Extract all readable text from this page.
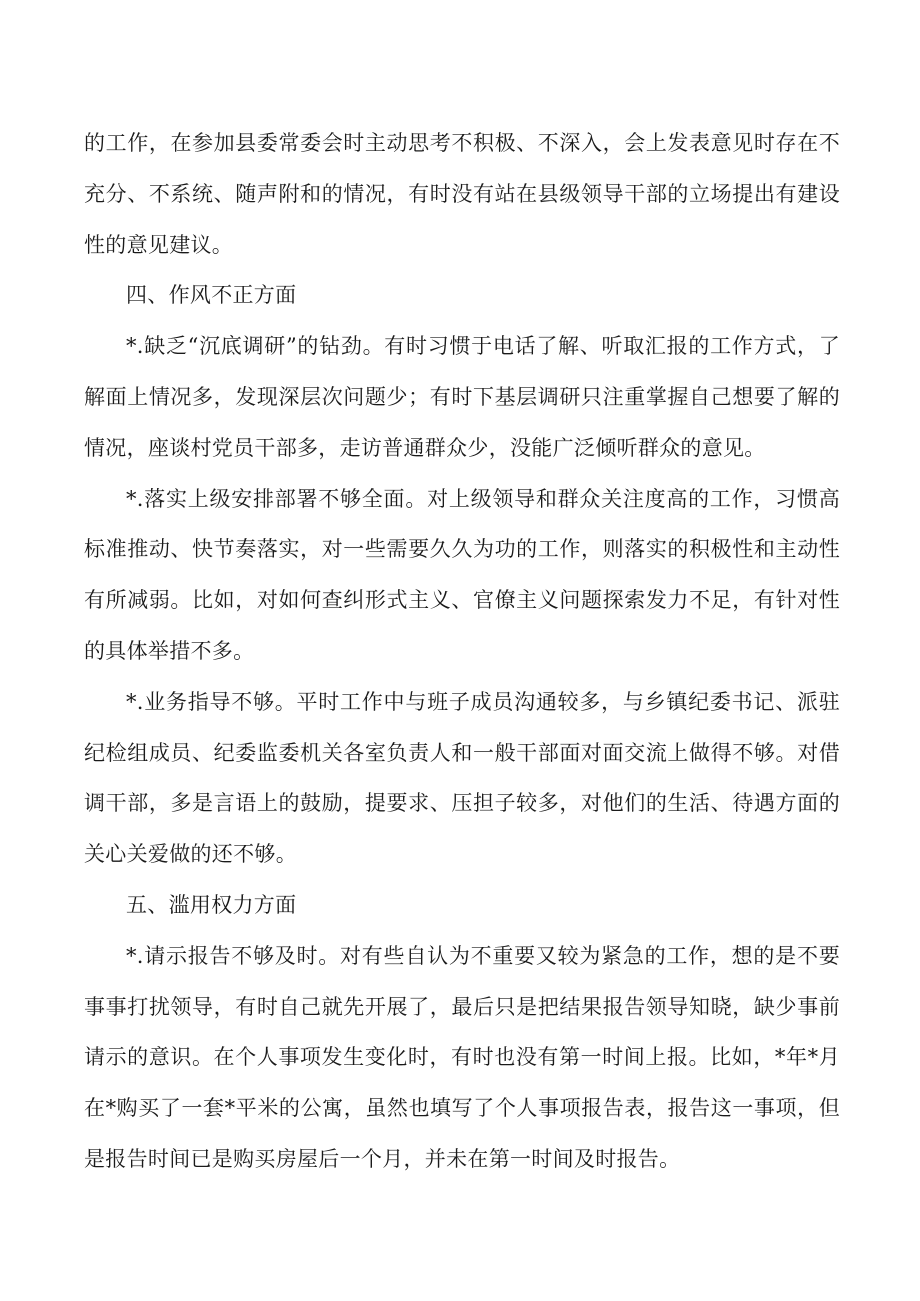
的工作，在参加县委常委会时主动思考不积极、不深入，会上发表意见时存在不充分、不系统、随声附和的情况，有时没有站在县级领导干部的立场提出有建设性的意见建议。

四、作风不正方面

*.缺乏“沉底调研”的钻劲。有时习惯于电话了解、听取汇报的工作方式，了解面上情况多，发现深层次问题少；有时下基层调研只注重掌握自己想要了解的情况，座谈村党员干部多，走访普通群众少，没能广泛倾听群众的意见。

*.落实上级安排部署不够全面。对上级领导和群众关注度高的工作，习惯高标准推动、快节奏落实，对一些需要久久为功的工作，则落实的积极性和主动性有所减弱。比如，对如何查纠形式主义、官僚主义问题探索发力不足，有针对性的具体举措不多。

*.业务指导不够。平时工作中与班子成员沟通较多，与乡镇纪委书记、派驻纪检组成员、纪委监委机关各室负责人和一般干部面对面交流上做得不够。对借调干部，多是言语上的鼓励，提要求、压担子较多，对他们的生活、待遇方面的关心关爱做的还不够。

五、滥用权力方面

*.请示报告不够及时。对有些自认为不重要又较为紧急的工作，想的是不要事事打扰领导，有时自己就先开展了，最后只是把结果报告领导知晓，缺少事前请示的意识。在个人事项发生变化时，有时也没有第一时间上报。比如，*年*月在*购买了一套*平米的公寓，虽然也填写了个人事项报告表，报告这一事项，但是报告时间已是购买房屋后一个月，并未在第一时间及时报告。
